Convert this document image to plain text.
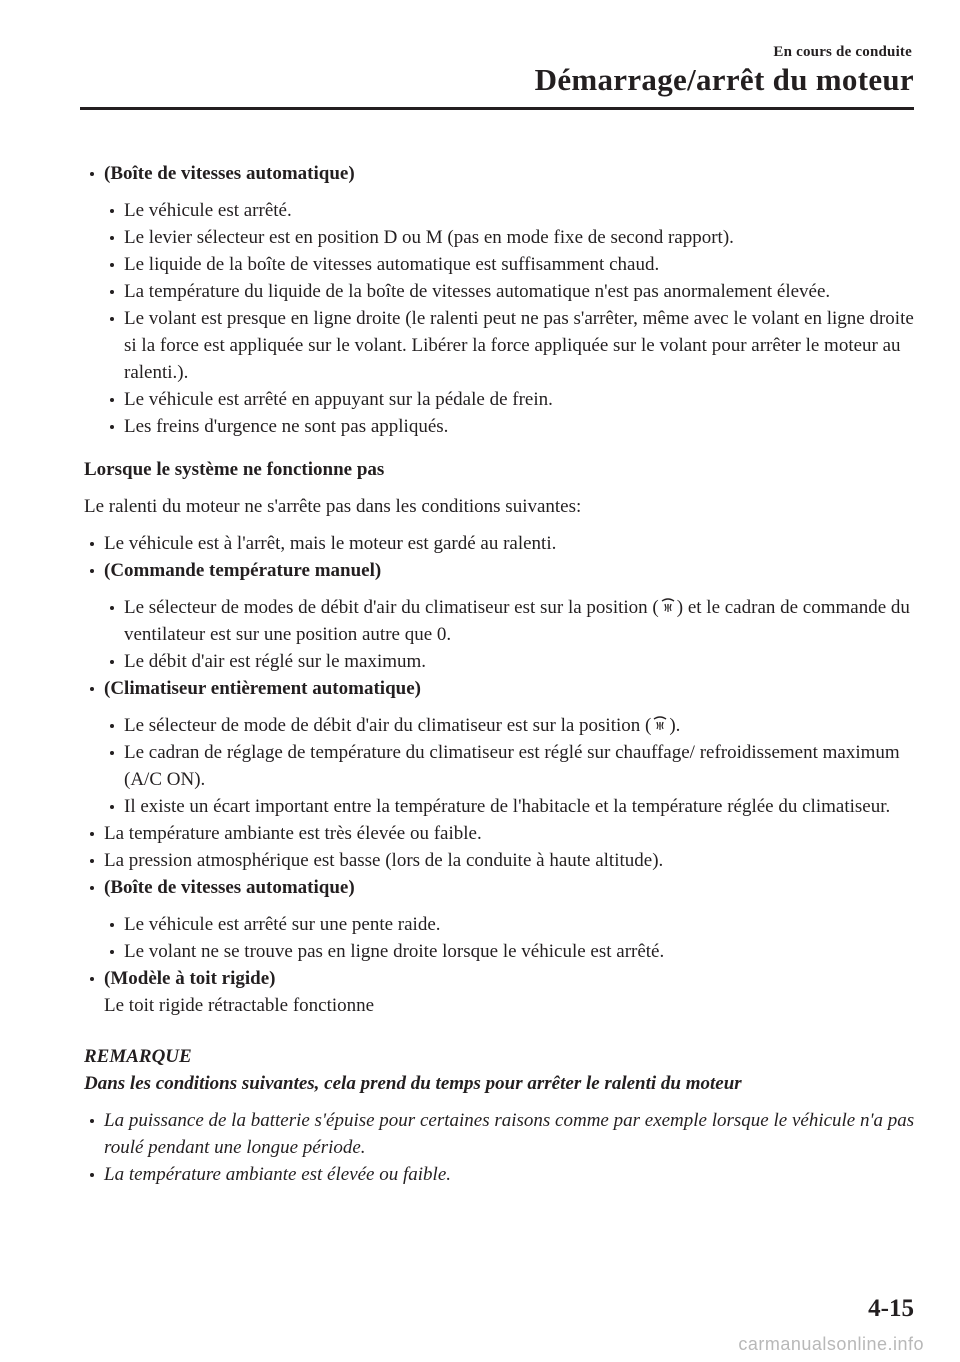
En cours de conduite
Démarrage/arrêt du moteur
(Boîte de vitesses automatique)
Le véhicule est arrêté.
Le levier sélecteur est en position D ou M (pas en mode fixe de second rapport).
Le liquide de la boîte de vitesses automatique est suffisamment chaud.
La température du liquide de la boîte de vitesses automatique n'est pas anormalement élevée.
Le volant est presque en ligne droite (le ralenti peut ne pas s'arrêter, même avec le volant en ligne droite si la force est appliquée sur le volant. Libérer la force appliquée sur le volant pour arrêter le moteur au ralenti.).
Le véhicule est arrêté en appuyant sur la pédale de frein.
Les freins d'urgence ne sont pas appliqués.
Lorsque le système ne fonctionne pas
Le ralenti du moteur ne s'arrête pas dans les conditions suivantes:
Le véhicule est à l'arrêt, mais le moteur est gardé au ralenti.
(Commande température manuel)
Le sélecteur de modes de débit d'air du climatiseur est sur la position ( ) et le cadran de commande du ventilateur est sur une position autre que 0.
Le débit d'air est réglé sur le maximum.
(Climatiseur entièrement automatique)
Le sélecteur de mode de débit d'air du climatiseur est sur la position ( ).
Le cadran de réglage de température du climatiseur est réglé sur chauffage/ refroidissement maximum (A/C ON).
Il existe un écart important entre la température de l'habitacle et la température réglée du climatiseur.
La température ambiante est très élevée ou faible.
La pression atmosphérique est basse (lors de la conduite à haute altitude).
(Boîte de vitesses automatique)
Le véhicule est arrêté sur une pente raide.
Le volant ne se trouve pas en ligne droite lorsque le véhicule est arrêté.
(Modèle à toit rigide)
Le toit rigide rétractable fonctionne
REMARQUE
Dans les conditions suivantes, cela prend du temps pour arrêter le ralenti du moteur
La puissance de la batterie s'épuise pour certaines raisons comme par exemple lorsque le véhicule n'a pas roulé pendant une longue période.
La température ambiante est élevée ou faible.
4-15
carmanualsonline.info
